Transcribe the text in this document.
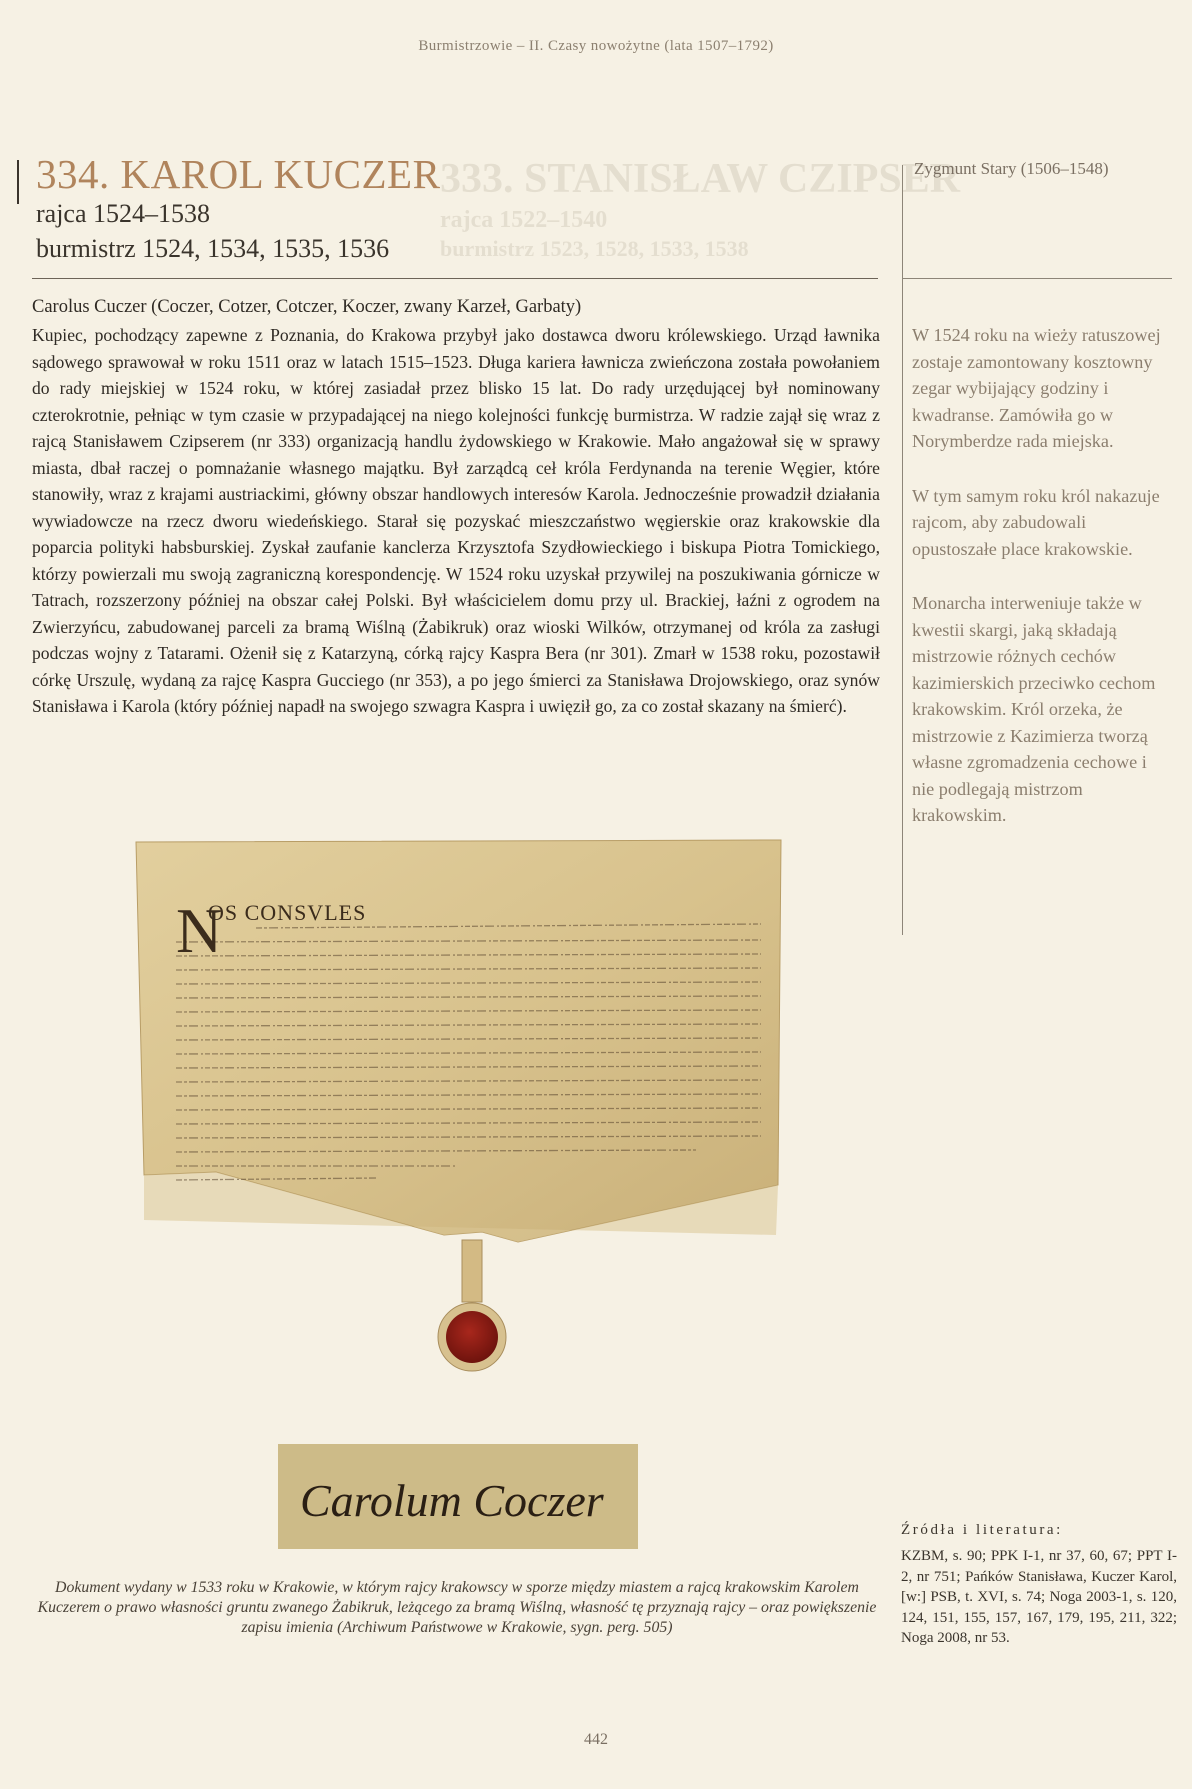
Burmistrzowie – II. Czasy nowożytne (lata 1507–1792)
333. STANISŁAW CZIPSER
rajca 1522–1540
burmistrz 1523, 1528, 1533, 1538
334. KAROL KUCZER
rajca 1524–1538
burmistrz 1524, 1534, 1535, 1536
Zygmunt Stary (1506–1548)
Carolus Cuczer (Coczer, Cotzer, Cotczer, Koczer, zwany Karzeł, Garbaty)
Kupiec, pochodzący zapewne z Poznania, do Krakowa przybył jako dostawca dworu królewskiego. Urząd ławnika sądowego sprawował w roku 1511 oraz w latach 1515–1523. Długa kariera ławnicza zwieńczona została powołaniem do rady miejskiej w 1524 roku, w której zasiadał przez blisko 15 lat. Do rady urzędującej był nominowany czterokrotnie, pełniąc w tym czasie w przypadającej na niego kolejności funkcję burmistrza. W radzie zajął się wraz z rajcą Stanisławem Czipserem (nr 333) organizacją handlu żydowskiego w Krakowie. Mało angażował się w sprawy miasta, dbał raczej o pomnażanie własnego majątku. Był zarządcą ceł króla Ferdynanda na terenie Węgier, które stanowiły, wraz z krajami austriackimi, główny obszar handlowych interesów Karola. Jednocześnie prowadził działania wywiadowcze na rzecz dworu wiedeńskiego. Starał się pozyskać mieszczaństwo węgierskie oraz krakowskie dla poparcia polityki habsburskiej. Zyskał zaufanie kanclerza Krzysztofa Szydłowieckiego i biskupa Piotra Tomickiego, którzy powierzali mu swoją zagraniczną korespondencję. W 1524 roku uzyskał przywilej na poszukiwania górnicze w Tatrach, rozszerzony później na obszar całej Polski. Był właścicielem domu przy ul. Brackiej, łaźni z ogrodem na Zwierzyńcu, zabudowanej parceli za bramą Wiślną (Żabikruk) oraz wioski Wilków, otrzymanej od króla za zasługi podczas wojny z Tatarami. Ożenił się z Katarzyną, córką rajcy Kaspra Bera (nr 301). Zmarł w 1538 roku, pozostawił córkę Urszulę, wydaną za rajcę Kaspra Gucciego (nr 353), a po jego śmierci za Stanisława Drojowskiego, oraz synów Stanisława i Karola (który później napadł na swojego szwagra Kaspra i uwięził go, za co został skazany na śmierć).

W 1524 roku na wieży ratuszowej zostaje zamontowany kosztowny zegar wybijający godziny i kwadranse. Zamówiła go w Norymberdze rada miejska.

W tym samym roku król nakazuje rajcom, aby zabudowali opustoszałe place krakowskie.

Monarcha interweniuje także w kwestii skargi, jaką składają mistrzowie różnych cechów kazimierskich przeciwko cechom krakowskim. Król orzeka, że mistrzowie z Kazimierza tworzą własne zgromadzenia cechowe i nie podlegają mistrzom krakowskim.

N
OS CONSVLES
Carolum Coczer
Dokument wydany w 1533 roku w Krakowie, w którym rajcy krakowscy w sporze między miastem a rajcą krakowskim Karolem Kuczerem o prawo własności gruntu zwanego Żabikruk, leżącego za bramą Wiślną, własność tę przyznają rajcy – oraz powiększenie zapisu imienia (Archiwum Państwowe w Krakowie, sygn. perg. 505)
Źródła i literatura:
KZBM, s. 90; PPK I-1, nr 37, 60, 67; PPT I-2, nr 751; Pańków Stanisława, Kuczer Karol, [w:] PSB, t. XVI, s. 74; Noga 2003-1, s. 120, 124, 151, 155, 157, 167, 179, 195, 211, 322; Noga 2008, nr 53.
442
